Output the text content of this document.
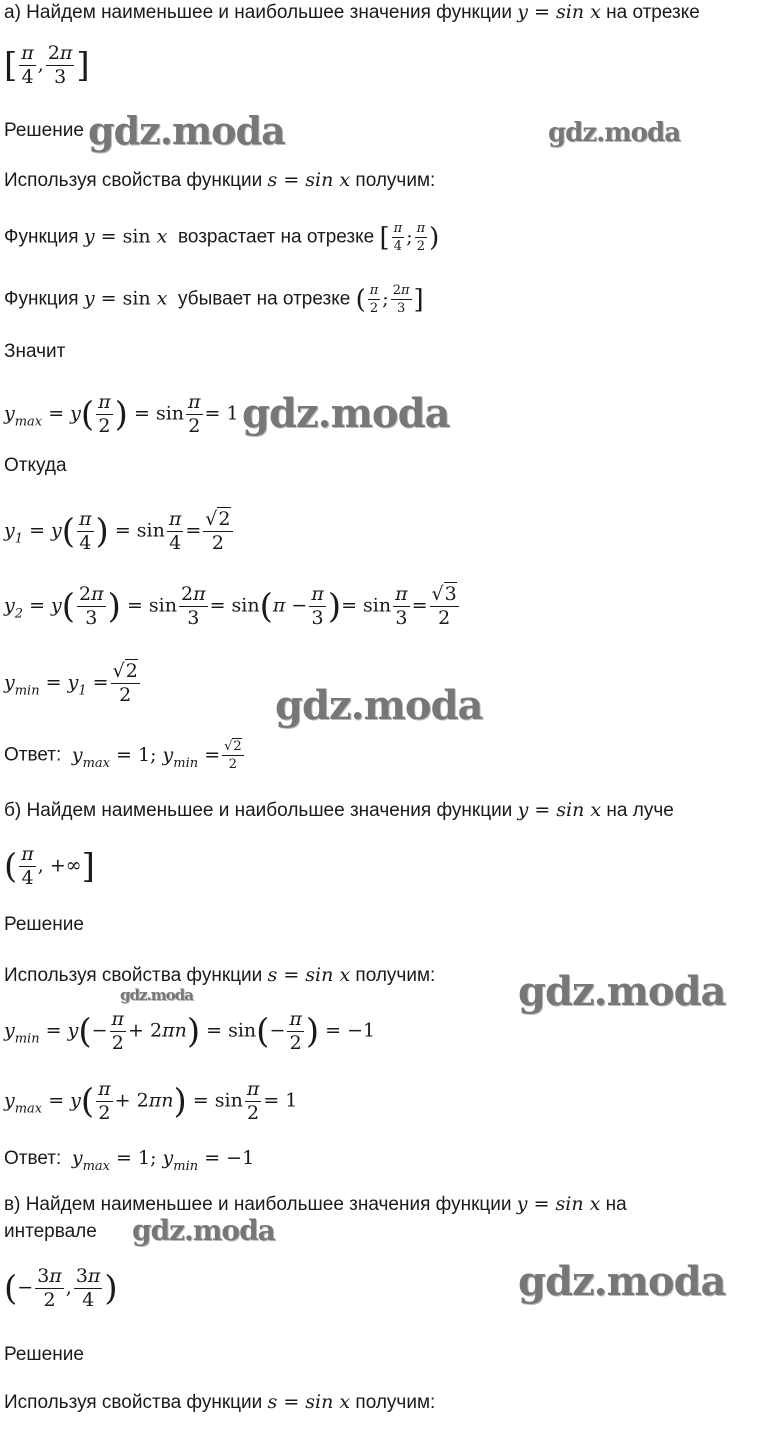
а) Найдем наименьшее и наибольшее значения функции y = sin x на отрезке
[ $\frac{\pi}{4}$ , $\frac{2\pi}{3}$ ]
Решение
Используя свойства функции s = sin x получим:
Функция y = sin x возрастает на отрезке [ $\frac{\pi}{4}$ ; $\frac{\pi}{2}$ )
Функция y = sin x убывает на отрезке ( $\frac{\pi}{2}$ ; $\frac{2\pi}{3}$ ]
Значит
$y_{max} = y( \frac{\pi}{2}$ ) = $\sin \frac{\pi}{2} = 1$
Откуда
$y_1 = y( \frac{\pi}{4}$ ) = $\sin \frac{\pi}{4} = \frac{√2}{2}$
$y_2 = y( \frac{2\pi}{3}$ ) = $\sin \frac{2\pi}{3} = \sin(\pi - \frac{\pi}{3}$ )= $\sin \frac{\pi}{3} = \frac{√3}{2}$
$y_{min} = y_1 = \frac{√2}{2}$
Ответ: $y_{max} = 1$; $y_{min} = \frac{√2}{2}$
б) Найдем наименьшее и наибольшее значения функции y = sin x на луче
( $\frac{\pi}{4}$ , +∞]
Решение
Используя свойства функции s = sin x получим:
$y_{min} = y(- \frac{\pi}{2} + 2\pi n) = \sin(- \frac{\pi}{2}$ ) = −1
$y_{max} = y( \frac{\pi}{2} + 2\pi n) = \sin \frac{\pi}{2} = 1$
Ответ: $y_{max} = 1$; $y_{min} = -1$
в) Найдем наименьшее и наибольшее значения функции y = sin x на
интервале
(− $\frac{3\pi}{2}$ , $\frac{3\pi}{4}$ )
Решение
Используя свойства функции s = sin x получим:
gdz.moda	gdz.moda
gdz.moda
gdz.moda
gdz.moda
gdz.moda
gdz.moda
gdz.moda
